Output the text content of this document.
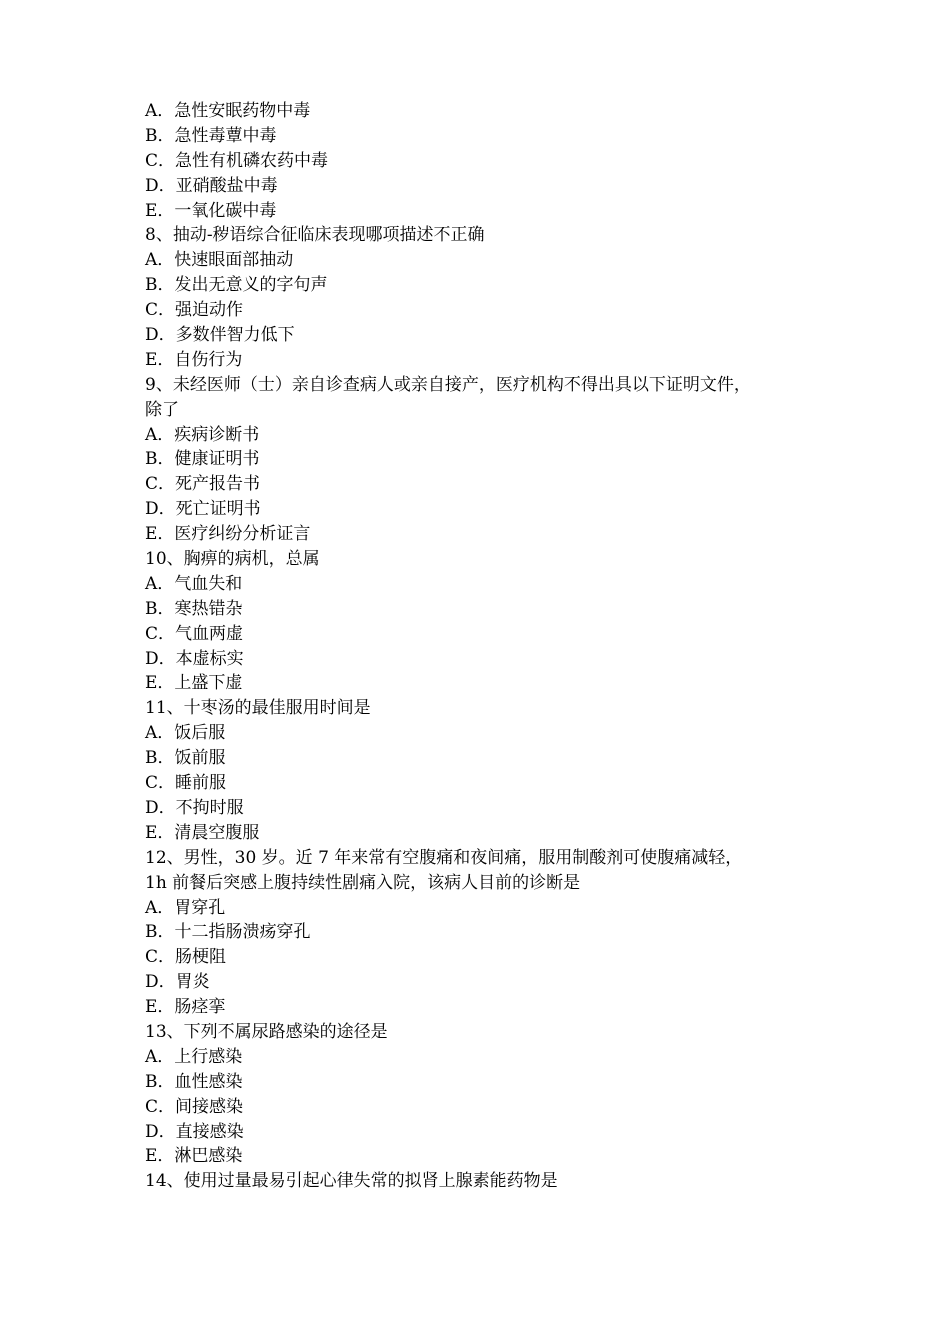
A．急性安眠药物中毒
B．急性毒蕈中毒
C．急性有机磷农药中毒
D．亚硝酸盐中毒
E．一氧化碳中毒
8、抽动-秽语综合征临床表现哪项描述不正确
A．快速眼面部抽动
B．发出无意义的字句声
C．强迫动作
D．多数伴智力低下
E．自伤行为
9、未经医师（士）亲自诊查病人或亲自接产，医疗机构不得出具以下证明文件，
除了
A．疾病诊断书
B．健康证明书
C．死产报告书
D．死亡证明书
E．医疗纠纷分析证言
10、胸痹的病机，总属
A．气血失和
B．寒热错杂
C．气血两虚
D．本虚标实
E．上盛下虚
11、十枣汤的最佳服用时间是
A．饭后服
B．饭前服
C．睡前服
D．不拘时服
E．清晨空腹服
12、男性，30 岁。近 7 年来常有空腹痛和夜间痛，服用制酸剂可使腹痛减轻，
1h 前餐后突感上腹持续性剧痛入院，该病人目前的诊断是
A．胃穿孔
B．十二指肠溃疡穿孔
C．肠梗阻
D．胃炎
E．肠痉挛
13、下列不属尿路感染的途径是
A．上行感染
B．血性感染
C．间接感染
D．直接感染
E．淋巴感染
14、使用过量最易引起心律失常的拟肾上腺素能药物是
